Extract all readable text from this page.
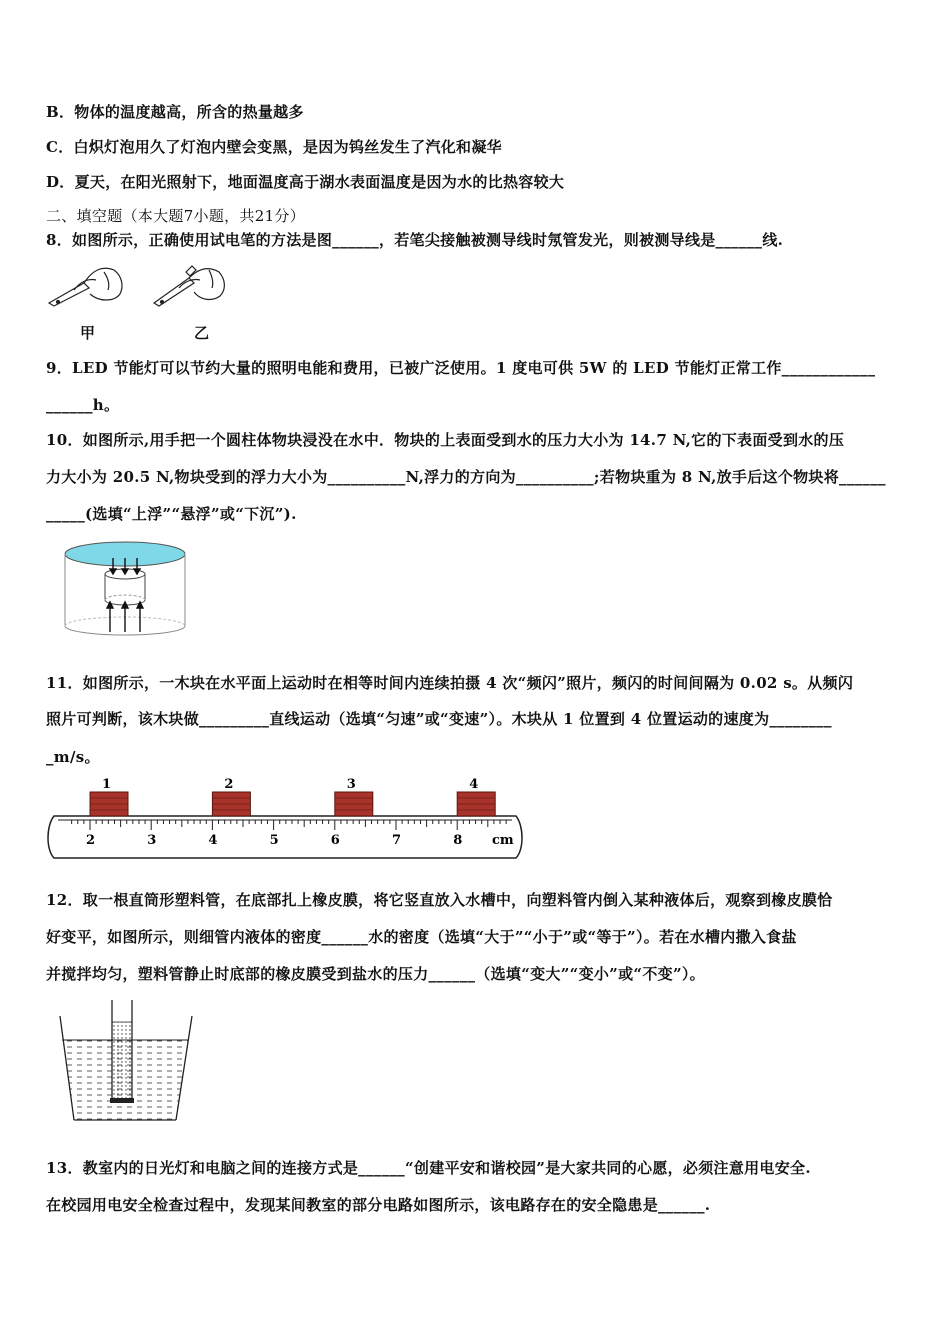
B．物体的温度越高，所含的热量越多
C．白炽灯泡用久了灯泡内壁会变黑，是因为钨丝发生了汽化和凝华
D．夏天，在阳光照射下，地面温度高于湖水表面温度是因为水的比热容较大
二、填空题（本大题7小题，共21分）
8．如图所示，正确使用试电笔的方法是图______，若笔尖接触被测导线时氖管发光，则被测导线是______线.
甲	乙
9．LED 节能灯可以节约大量的照明电能和费用，已被广泛使用。1 度电可供 5W 的 LED 节能灯正常工作____________
______h。
10．如图所示,用手把一个圆柱体物块浸没在水中．物块的上表面受到水的压力大小为 14.7 N,它的下表面受到水的压
力大小为 20.5 N,物块受到的浮力大小为__________N,浮力的方向为__________;若物块重为 8 N,放手后这个物块将______
_____(选填“上浮”“悬浮”或“下沉”).
11．如图所示，一木块在水平面上运动时在相等时间内连续拍摄 4 次“频闪”照片，频闪的时间间隔为 0.02 s。从频闪
照片可判断，该木块做_________直线运动（选填“匀速”或“变速”）。木块从 1 位置到 4 位置运动的速度为________
_m/s。
2	3	4	5	6	7	8
1	2	3	4
cm
12．取一根直筒形塑料管，在底部扎上橡皮膜，将它竖直放入水槽中，向塑料管内倒入某种液体后，观察到橡皮膜恰
好变平，如图所示，则细管内液体的密度______水的密度（选填“大于”“小于”或“等于”）。若在水槽内撒入食盐
并搅拌均匀，塑料管静止时底部的橡皮膜受到盐水的压力______（选填“变大”“变小”或“不变”）。
13．教室内的日光灯和电脑之间的连接方式是______“创建平安和谐校园”是大家共同的心愿，必须注意用电安全.
在校园用电安全检查过程中，发现某间教室的部分电路如图所示，该电路存在的安全隐患是______.
